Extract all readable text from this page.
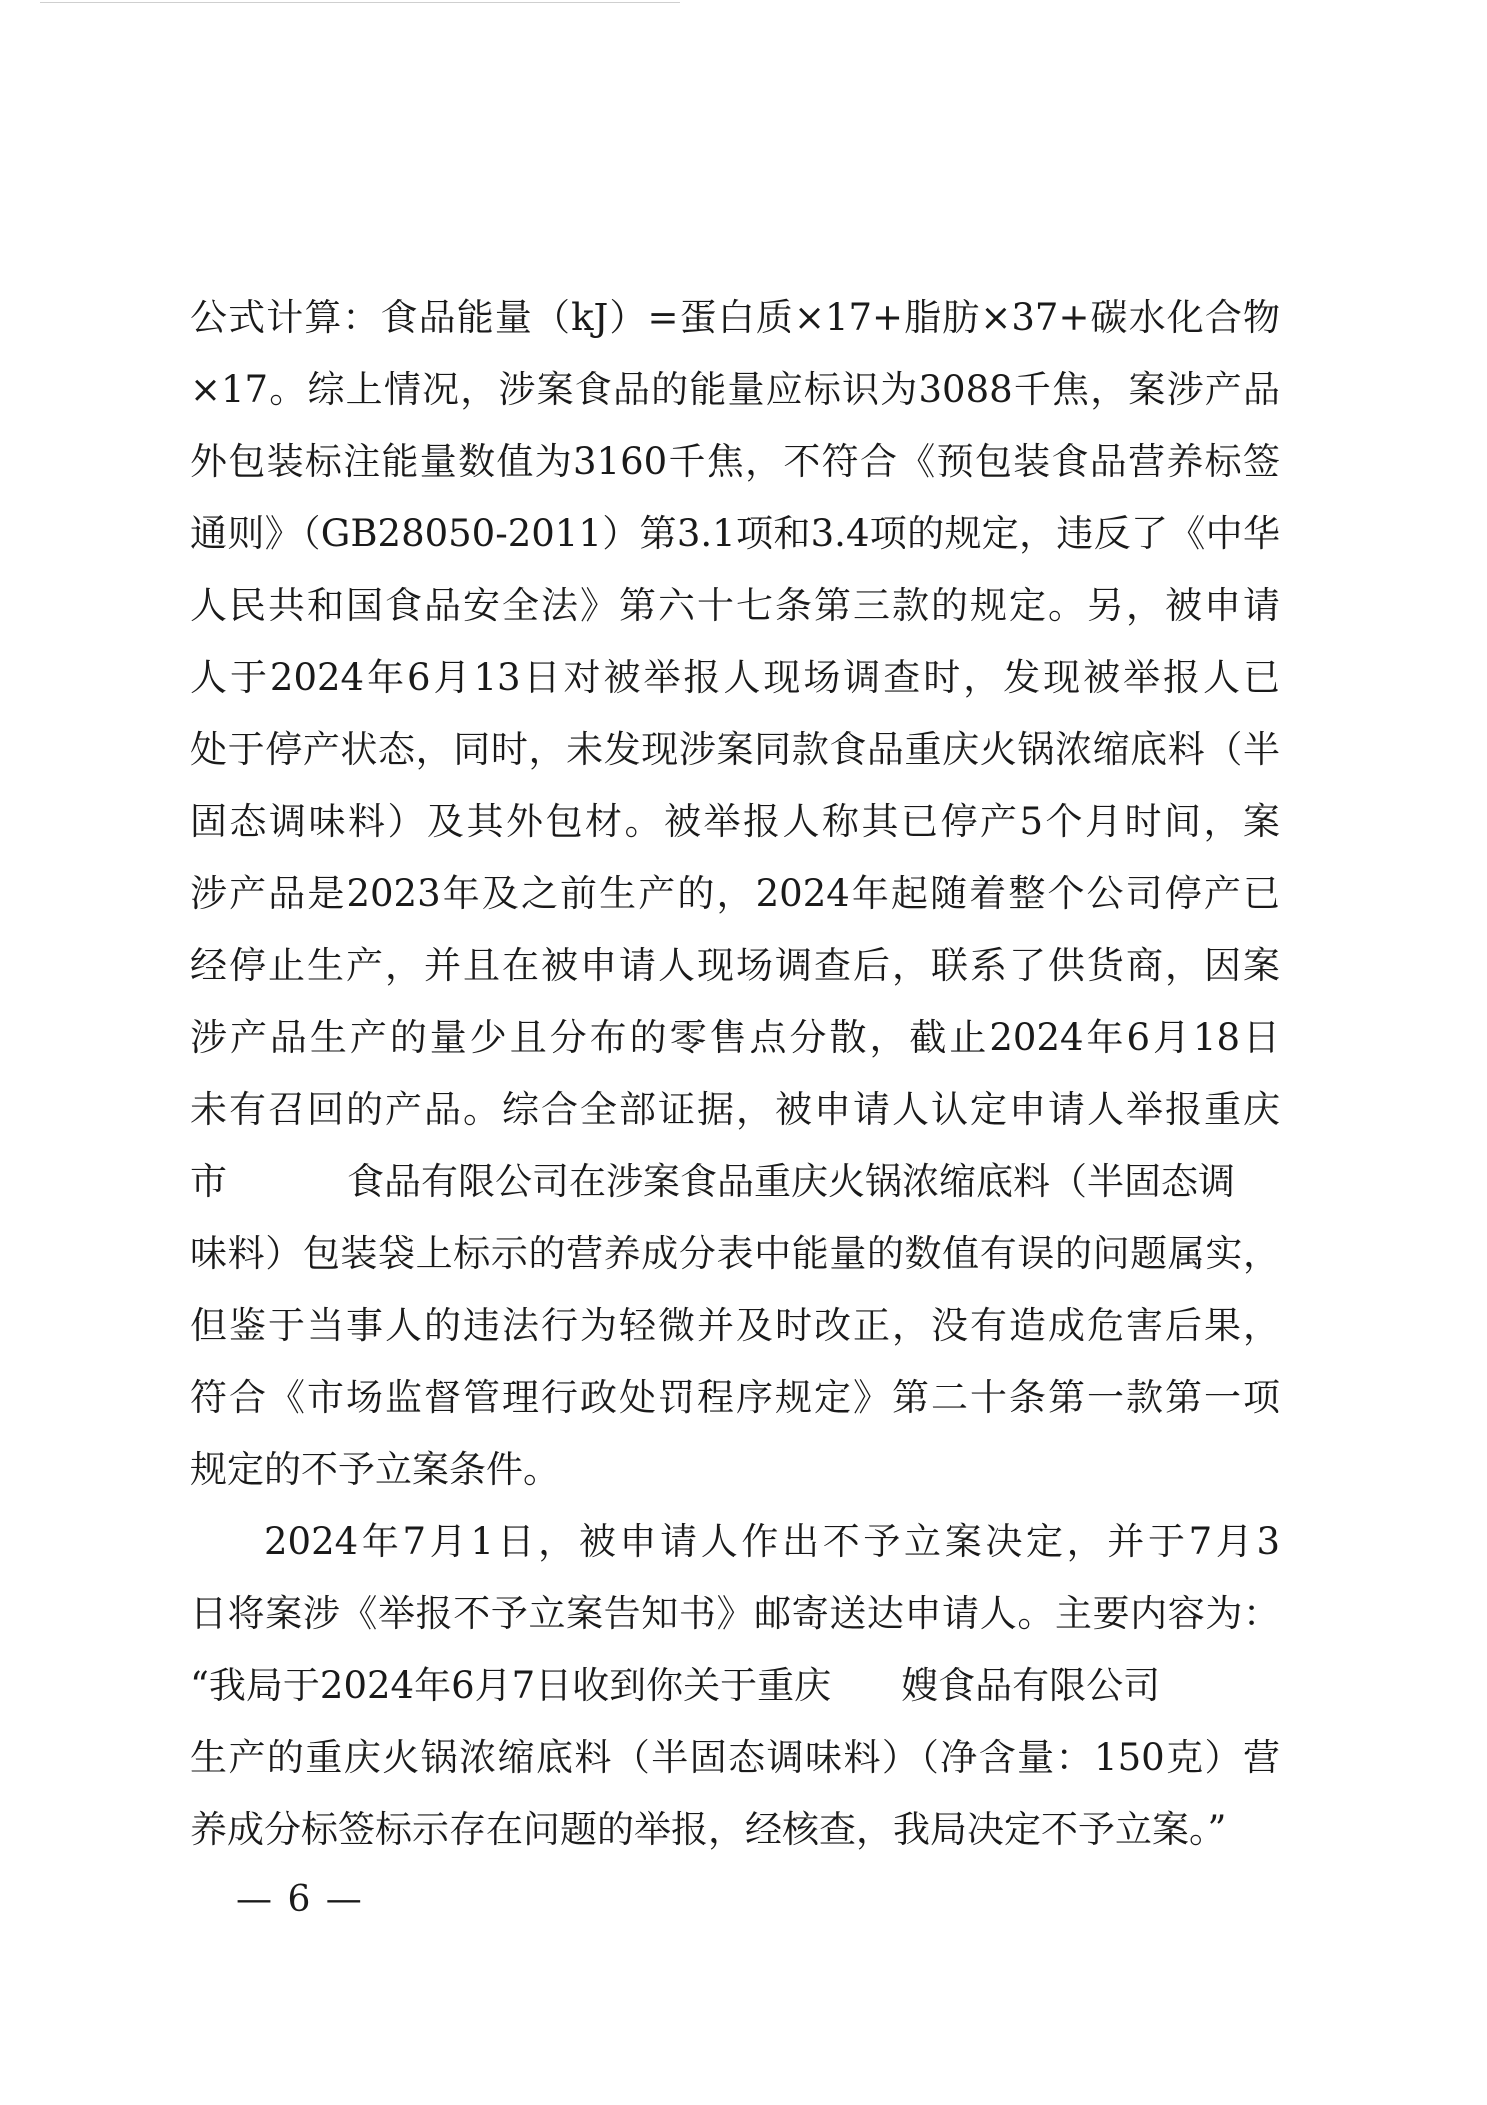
公式计算：食品能量（kJ）=蛋白质×17+脂肪×37+碳水化合物
×17。综上情况，涉案食品的能量应标识为3088千焦，案涉产品
外包装标注能量数值为3160千焦，不符合《预包装食品营养标签
通则》（GB28050-2011）第3.1项和3.4项的规定，违反了《中华
人民共和国食品安全法》第六十七条第三款的规定。另，被申请
人于2024年6月13日对被举报人现场调查时，发现被举报人已
处于停产状态，同时，未发现涉案同款食品重庆火锅浓缩底料（半
固态调味料）及其外包材。被举报人称其已停产5个月时间，案
涉产品是2023年及之前生产的，2024年起随着整个公司停产已
经停止生产，并且在被申请人现场调查后，联系了供货商，因案
涉产品生产的量少且分布的零售点分散，截止2024年6月18日
未有召回的产品。综合全部证据，被申请人认定申请人举报重庆
市	食品有限公司在涉案食品重庆火锅浓缩底料（半固态调
味料）包装袋上标示的营养成分表中能量的数值有误的问题属实，
但鉴于当事人的违法行为轻微并及时改正，没有造成危害后果，
符合《市场监督管理行政处罚程序规定》第二十条第一款第一项
规定的不予立案条件。
2024年7月1日，被申请人作出不予立案决定，并于7月3
日将案涉《举报不予立案告知书》邮寄送达申请人。主要内容为：
“我局于2024年6月7日收到你关于重庆 嫂食品有限公司
生产的重庆火锅浓缩底料（半固态调味料）（净含量：150克）营
养成分标签标示存在问题的举报，经核查，我局决定不予立案。”
— 6 —
